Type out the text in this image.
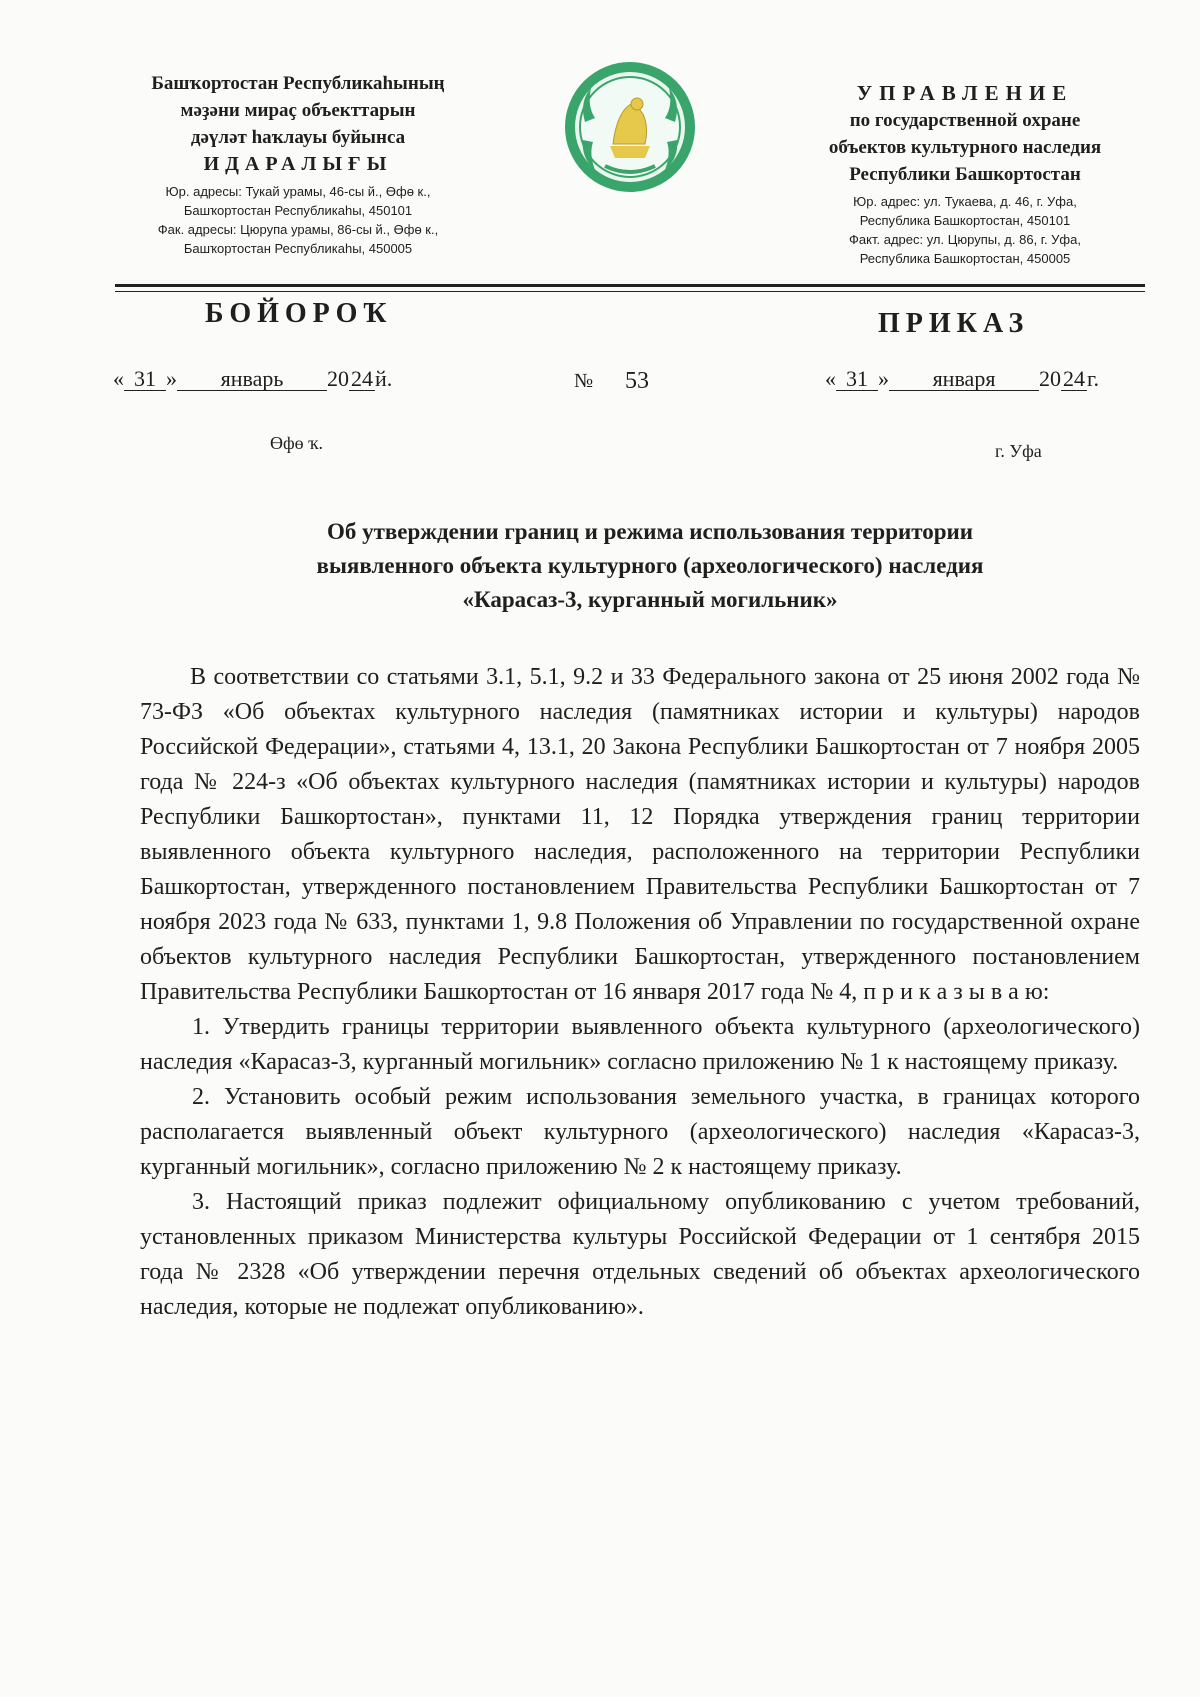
Башҡортостан Республикаһының
мәҙәни мираҫ объекттарын
дәүләт һаҡлауы буйынса
ИДАРАЛЫҒЫ
Юр. адресы: Тукай урамы, 46-сы й., Өфө к.,
Башҡортостан Республикаһы, 450101
Фак. адресы: Цюрупа урамы, 86-сы й., Өфө к.,
Башҡортостан Республикаһы, 450005
УПРАВЛЕНИЕ
по государственной охране
объектов культурного наследия
Республики Башкортостан
Юр. адрес: ул. Тукаева, д. 46, г. Уфа,
Республика Башкортостан, 450101
Факт. адрес: ул. Цюрупы, д. 86, г. Уфа,
Республика Башкортостан, 450005
БОЙОРОҠ	ПРИКАЗ
« 31 » январь 2024й.	№ 53	« 31 » января 2024г.
Өфө ҡ.	г. Уфа
Об утверждении границ и режима использования территории
выявленного объекта культурного (археологического) наследия
«Карасаз-3, курганный могильник»

В соответствии со статьями 3.1, 5.1, 9.2 и 33 Федерального закона от 25 июня 2002 года № 73-ФЗ «Об объектах культурного наследия (памятниках истории и культуры) народов Российской Федерации», статьями 4, 13.1, 20 Закона Республики Башкортостан от 7 ноября 2005 года № 224-з «Об объектах культурного наследия (памятниках истории и культуры) народов Республики Башкортостан», пунктами 11, 12 Порядка утверждения границ территории выявленного объекта культурного наследия, расположенного на территории Республики Башкортостан, утвержденного постановлением Правительства Республики Башкортостан от 7 ноября 2023 года № 633, пунктами 1, 9.8 Положения об Управлении по государственной охране объектов культурного наследия Республики Башкортостан, утвержденного постановлением Правительства Республики Башкортостан от 16 января 2017 года № 4, п р и к а з ы в а ю:

1. Утвердить границы территории выявленного объекта культурного (археологического) наследия «Карасаз-3, курганный могильник» согласно приложению № 1 к настоящему приказу.

2. Установить особый режим использования земельного участка, в границах которого располагается выявленный объект культурного (археологического) наследия «Карасаз-3, курганный могильник», согласно приложению № 2 к настоящему приказу.

3. Настоящий приказ подлежит официальному опубликованию с учетом требований, установленных приказом Министерства культуры Российской Федерации от 1 сентября 2015 года № 2328 «Об утверждении перечня отдельных сведений об объектах археологического наследия, которые не подлежат опубликованию».
